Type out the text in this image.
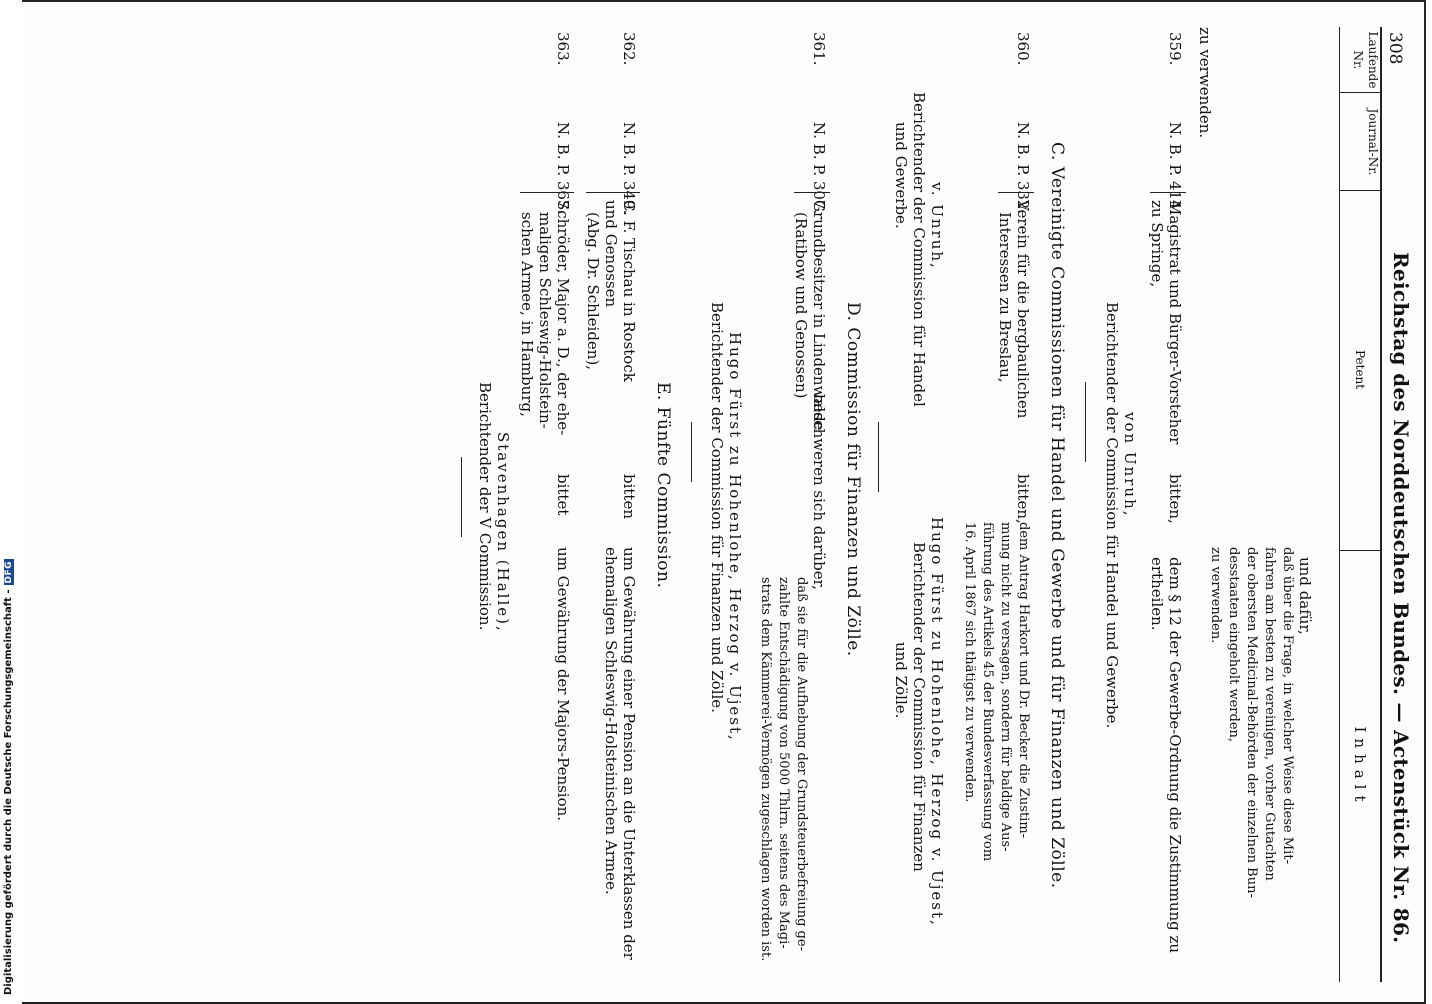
Digitalisierung gefördert durch die Deutsche Forschungsgemeinschaft -DFG
308
Reichstag des Norddeutschen Bundes. — Actenstück Nr. 86.
Laufende Nr.
Journal-Nr.
Petent
Inhalt
zu verwenden.
und dafür,
daß über die Frage, in welcher Weise diese Mit-
fahren am besten zu vereinigen, vorher Gutachten
der obersten Medicinal-Behörden der einzelnen Bun-
desstaaten eingeholt werden,
zu verwenden.
359.
N. B. P. 414.
Magistrat und Bürger-Vorsteher
zu Springe,
bitten,
dem § 12 der Gewerbe-Ordnung die Zustimmung zu
ertheilen.
von Unruh,
Berichtender der Commission für Handel und Gewerbe.
C. Vereinigte Commissionen für Handel und Gewerbe und für Finanzen und Zölle.
360.
N. B. P. 332.
Verein für die bergbaulichen
Interessen zu Breslau,
bitten,
dem Antrag Harkort und Dr. Becker die Zustim-
mung nicht zu versagen, sondern für baldige Aus-
führung des Artikels 45 der Bundesverfassung vom
16. April 1867 sich thätigst zu verwenden.
v. Unruh,
Berichtender der Commission für Handel
und Gewerbe.
Hugo Fürst zu Hohenlohe, Herzog v. Ujest,
Berichtender der Commission für Finanzen
und Zölle.
D. Commission für Finanzen und Zölle.
361.
N. B. P. 307.
Grundbesitzer in Lindenwalde
(Ratibow und Genossen)
beschweren sich darüber,
daß sie für die Aufhebung der Grundsteuerbefreiung ge-
zahlte Entschädigung von 5000 Thlrn. seitens des Magi-
strats dem Kämmerei-Vermögen zugeschlagen worden ist.
Hugo Fürst zu Hohenlohe, Herzog v. Ujest,
Berichtender der Commission für Finanzen und Zölle.
E. Fünfte Commission.
362.
N. B. P. 349.
C. F. Tischau in Rostock
und Genossen
(Abg. Dr. Schleiden),
bitten
um Gewährung einer Pension an die Unterklassen der
ehemaligen Schleswig-Holsteinischen Armee.
363.
N. B. P. 367.
Schröder, Major a. D., der ehe-
maligen Schleswig-Holstein-
schen Armee, in Hamburg,
bittet
um Gewährung der Majors-Pension.
Stavenhagen (Halle),
Berichtender der V Commission.
